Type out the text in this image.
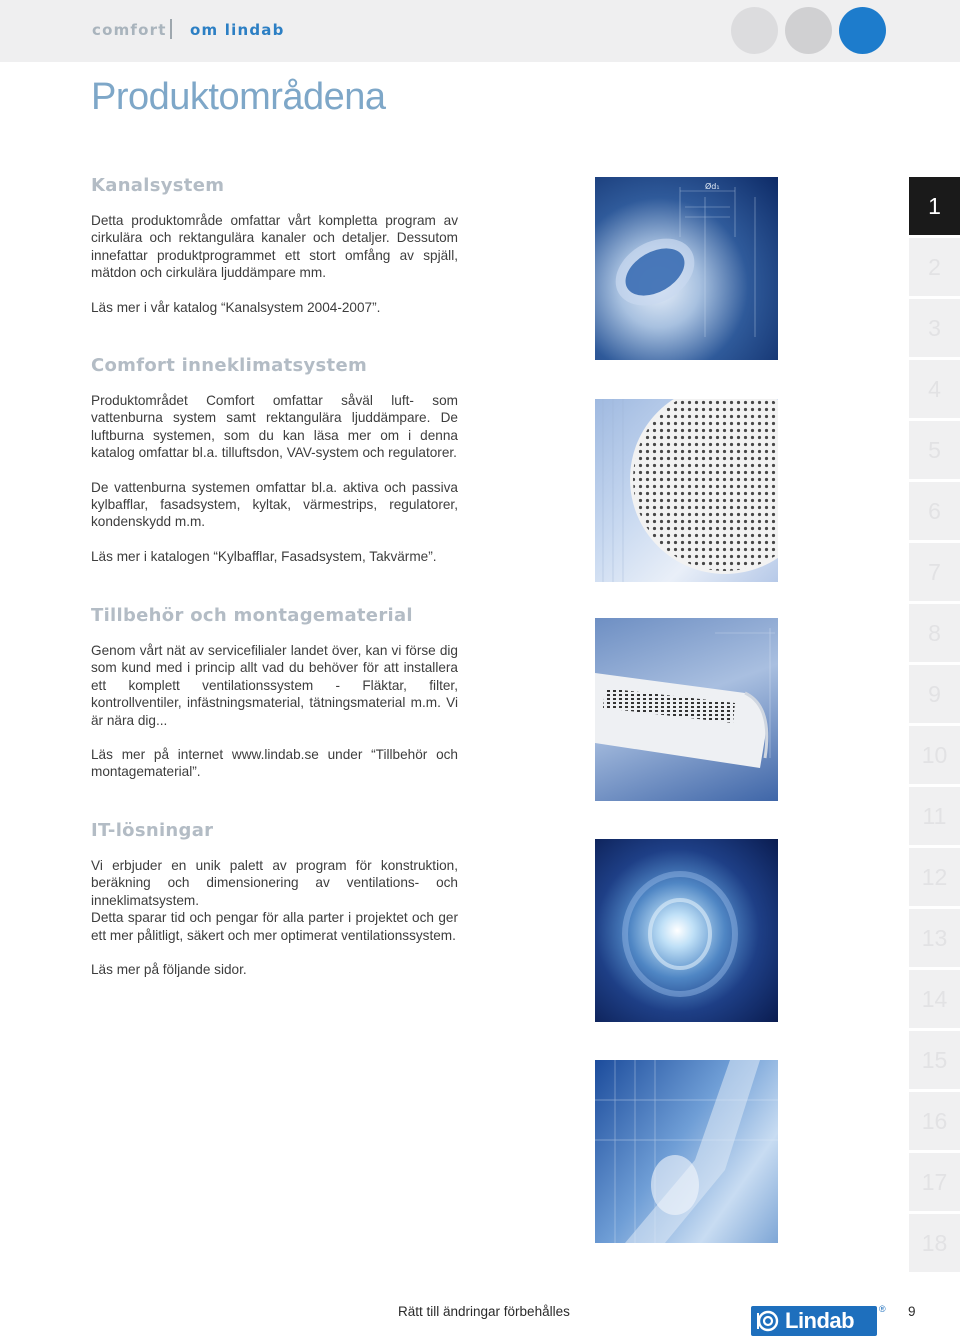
comfort om lindab
Produktområdena
Kanalsystem

Detta produktområde omfattar vårt kompletta program av cirkulära och rektangulära kanaler och detaljer. Dessutom innefattar produktprogrammet ett stort omfång av spjäll, mätdon och cirkulära ljuddämpare mm.

Läs mer i vår katalog “Kanalsystem 2004-2007”.

Comfort inneklimatsystem

Produktområdet Comfort omfattar såväl luft- som vattenburna system samt rektangulära ljuddämpare. De luftburna systemen, som du kan läsa mer om i denna katalog omfattar bl.a. tilluftsdon, VAV-system och regulatorer.

De vattenburna systemen omfattar bl.a. aktiva och passiva kylbafflar, fasadsystem, kyltak, värmestrips, regulatorer, kondenskydd m.m.

Läs mer i katalogen “Kylbafflar, Fasadsystem, Takvärme”.

Tillbehör och montagematerial

Genom vårt nät av servicefilialer landet över, kan vi förse dig som kund med i princip allt vad du behöver för att installera ett komplett ventilationssystem - Fläktar, filter, kontrollventiler, infästningsmaterial, tätningsmaterial m.m. Vi är nära dig...

Läs mer på internet www.lindab.se under “Tillbehör och montagematerial”.

IT-lösningar

Vi erbjuder en unik palett av program för konstruktion, beräkning och dimensionering av ventilations- och inneklimatsystem.
Detta sparar tid och pengar för alla parter i projektet och ger ett mer pålitligt, säkert och mer optimerat ventilationssystem.

Läs mer på följande sidor.

Ød₁
1
2
3
4
5
6
7
8
9
10
11
12
13
14
15
16
17
18
Rätt till ändringar förbehålles	Lindab	® 9
